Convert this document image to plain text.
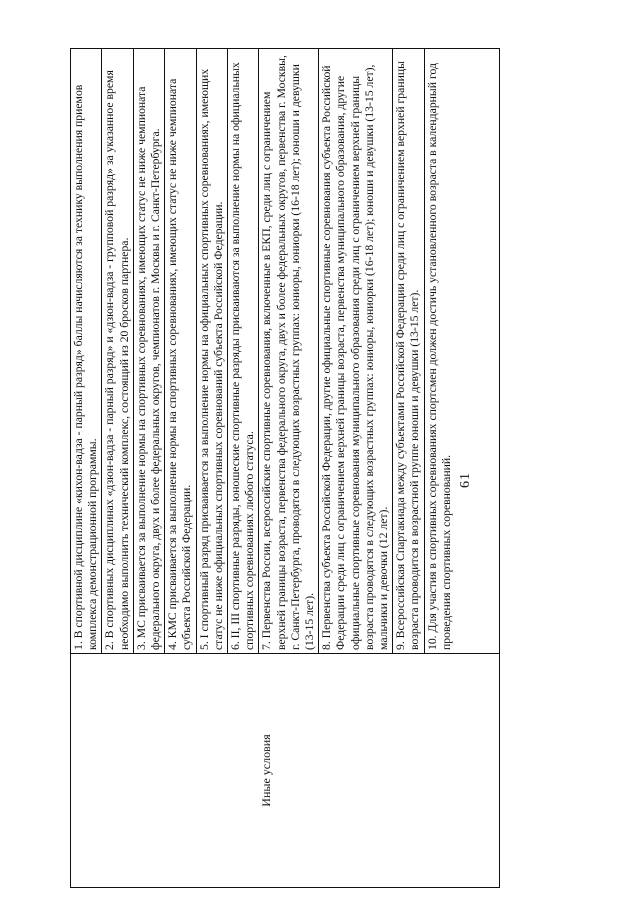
61
Иные условия
1. В спортивной дисциплине «кихон-вадза - парный разряд» баллы начисляются за технику выполнения приемов комплекса демонстрационной программы. 2. В спортивных дисциплинах «дзюн-вадза - парный разряд» и «дзюн-вадза - групповой разряд» за указанное время необходимо выполнить технический комплекс, состоящий из 20 бросков партнера. 3. МС присваивается за выполнение нормы на спортивных соревнованиях, имеющих статус не ниже чемпионата федерального округа, двух и более федеральных округов, чемпионатов г. Москвы и г. Санкт-Петербурга. 4. КМС присваивается за выполнение нормы на спортивных соревнованиях, имеющих статус не ниже чемпионата субъекта Российской Федерации. 5. I спортивный разряд присваивается за выполнение нормы на официальных спортивных соревнованиях, имеющих статус не ниже официальных спортивных соревнований субъекта Российской Федерации. 6. II, III спортивные разряды, юношеские спортивные разряды присваиваются за выполнение нормы на официальных спортивных соревнованиях любого статуса. 7. Первенства России, всероссийские спортивные соревнования, включенные в ЕКП, среди лиц с ограничением верхней границы возраста, первенства федерального округа, двух и более федеральных округов, первенства г. Москвы, г. Санкт-Петербурга, проводятся в следующих возрастных группах: юниоры, юниорки (16-18 лет); юноши и девушки (13-15 лет). 8. Первенства субъекта Российской Федерации, другие официальные спортивные соревнования субъекта Российской Федерации среди лиц с ограничением верхней границы возраста, первенства муниципального образования, другие официальные спортивные соревнования муниципального образования среди лиц с ограничением верхней границы возраста проводятся в следующих возрастных группах: юниоры, юниорки (16-18 лет); юноши и девушки (13-15 лет), мальчики и девочки (12 лет). 9. Всероссийская Спартакиада между субъектами Российской Федерации среди лиц с ограничением верхней границы возраста проводится в возрастной группе юноши и девушки (13-15 лет). 10. Для участия в спортивных соревнованиях спортсмен должен достичь установленного возраста в календарный год проведения спортивных соревнований.
